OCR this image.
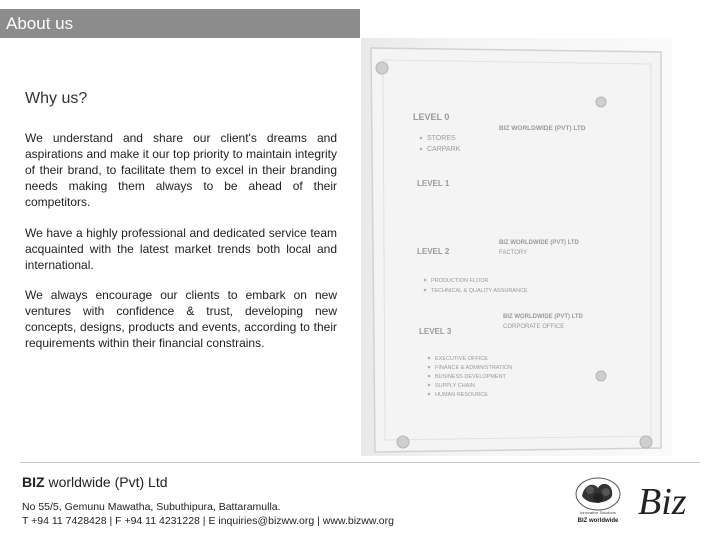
About us
Why us?
We understand and share our client's dreams and aspirations and make it our top priority to maintain integrity of their brand, to facilitate them to excel in their branding needs making them always to be ahead of their competitors.
We have a highly professional and dedicated service team acquainted with the latest market trends both local and international.
We always encourage our clients to embark on new ventures with confidence & trust, developing new concepts, designs, products and events, according to their requirements within their financial constrains.
LEVEL 0
BIZ WORLDWIDE (PVT) LTD
STORES
CARPARK
LEVEL 1
LEVEL 2
BIZ WORLDWIDE (PVT) LTD
FACTORY
PRODUCTION FLOOR
TECHNICAL & QUALITY ASSURANCE
LEVEL 3
BIZ WORLDWIDE (PVT) LTD
CORPORATE OFFICE
EXECUTIVE OFFICE
FINANCE & ADMINISTRATION
BUSINESS DEVELOPMENT
SUPPLY CHAIN
HUMAN RESOURCE
BIZ worldwide (Pvt) Ltd
No 55/5, Gemunu Mawatha, Subuthipura, Battaramulla.
T +94 11 7428428 | F +94 11 4231228 | E inquiries@bizww.org | www.bizww.org
Innovative Solutions
BIZ worldwide Biz
